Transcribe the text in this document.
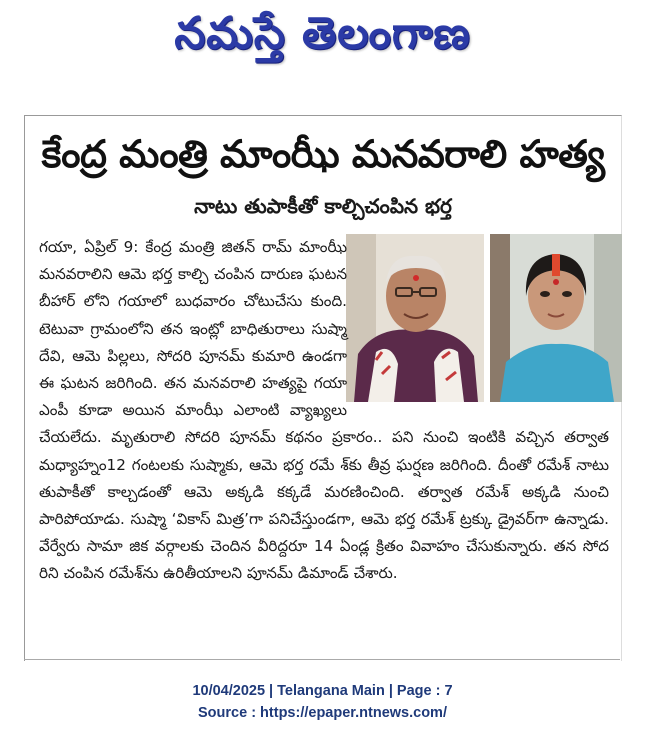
నమస్తే తెలంగాణ
కేంద్ర మంత్రి మాంఝీ మనవరాలి హత్య
నాటు తుపాకీతో కాల్చిచంపిన భర్త
గయా, ఏప్రిల్ 9: కేంద్ర మంత్రి జితన్ రామ్ మాంఝీ మనవరాలిని ఆమె భర్త కాల్చి చంపిన దారుణ ఘటన బీహార్ లోని గయాలో బుధవారం చోటుచేసు కుంది. టెటువా గ్రామంలోని తన ఇంట్లో బాధితురాలు సుష్మా దేవి, ఆమె పిల్లలు, సోదరి పూనమ్ కుమారి ఉండగా ఈ ఘటన జరిగింది. తన మనవరాలి హత్యపై గయా ఎంపీ కూడా అయిన మాంఝీ ఎలాంటి వ్యాఖ్యలు చేయలేదు. మృతురాలి సోదరి పూనమ్ కథనం ప్రకారం.. పని నుంచి ఇంటికి వచ్చిన తర్వాత మధ్యాహ్నం12 గంటలకు సుష్మాకు, ఆమె భర్త రమే శ్‌కు తీవ్ర ఘర్షణ జరిగింది. దీంతో రమేశ్ నాటు తుపాకీతో కాల్చడంతో ఆమె అక్కడి కక్కడే మరణించింది. తర్వాత రమేశ్ అక్కడి నుంచి పారిపోయాడు. సుష్మా ‘వికాస్ మిత్ర’గా పనిచేస్తుండగా, ఆమె భర్త రమేశ్ ట్రక్కు డ్రైవర్‌గా ఉన్నాడు. వేర్వేరు సామా జిక వర్గాలకు చెందిన వీరిద్దరూ 14 ఏండ్ల క్రితం వివాహం చేసుకున్నారు. తన సోద రిని చంపిన రమేశ్‌ను ఉరితీయాలని పూనమ్ డిమాండ్ చేశారు.
10/04/2025 | Telangana Main | Page : 7
Source : https://epaper.ntnews.com/
